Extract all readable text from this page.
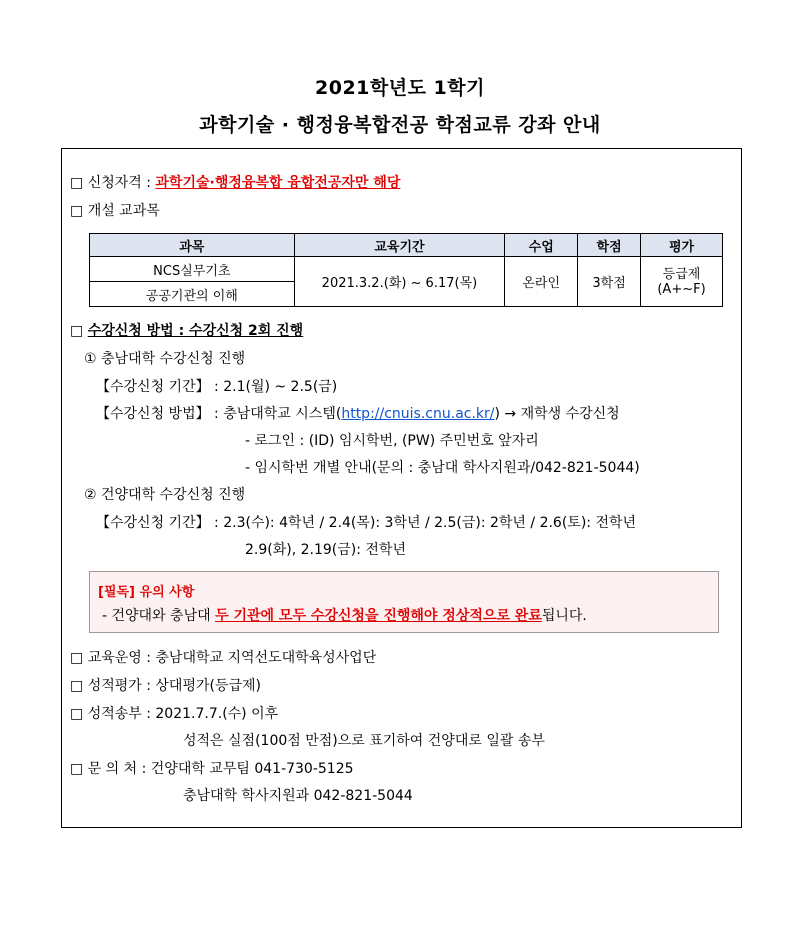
2021학년도 1학기
과학기술 · 행정융복합전공 학점교류 강좌 안내
□ 신청자격 : 과학기술·행정융복합 융합전공자만 해당
□ 개설 교과목
과목	교육기간	수업	학점	평가
NCS실무기초	2021.3.2.(화) ~ 6.17(목)	온라인	3학점	등급제
(A+~F)
공공기관의 이해				
□ 수강신청 방법 : 수강신청 2회 진행
① 충남대학 수강신청 진행
【수강신청 기간】 : 2.1(월) ~ 2.5(금)
【수강신청 방법】 : 충남대학교 시스템(http://cnuis.cnu.ac.kr/) → 재학생 수강신청
- 로그인 : (ID) 임시학번, (PW) 주민번호 앞자리
- 임시학번 개별 안내(문의 : 충남대 학사지원과/042-821-5044)
② 건양대학 수강신청 진행
【수강신청 기간】 : 2.3(수): 4학년 / 2.4(목): 3학년 / 2.5(금): 2학년 / 2.6(토): 전학년
2.9(화), 2.19(금): 전학년
[필독] 유의 사항
- 건양대와 충남대 두 기관에 모두 수강신청을 진행해야 정상적으로 완료됩니다.
□ 교육운영 : 충남대학교 지역선도대학육성사업단
□ 성적평가 : 상대평가(등급제)
□ 성적송부 : 2021.7.7.(수) 이후
성적은 실점(100점 만점)으로 표기하여 건양대로 일괄 송부
□ 문 의 처 : 건양대학 교무팀 041-730-5125
충남대학 학사지원과 042-821-5044
